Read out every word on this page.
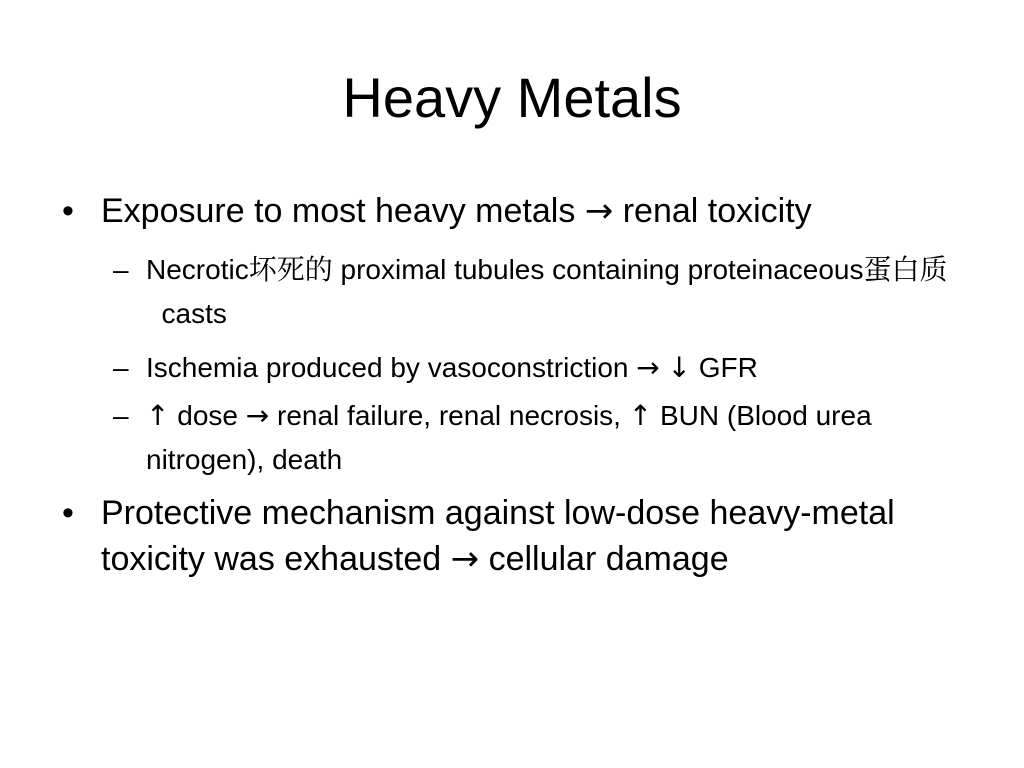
Heavy Metals
• Exposure to most heavy metals → renal toxicity
– Necrotic坏死的 proximal tubules containing proteinaceous蛋白质  casts
– Ischemia produced by vasoconstriction → ↓ GFR
– ↑ dose → renal failure, renal necrosis, ↑ BUN (Blood urea nitrogen), death
• Protective mechanism against low-dose heavy-metal toxicity was exhausted → cellular damage
